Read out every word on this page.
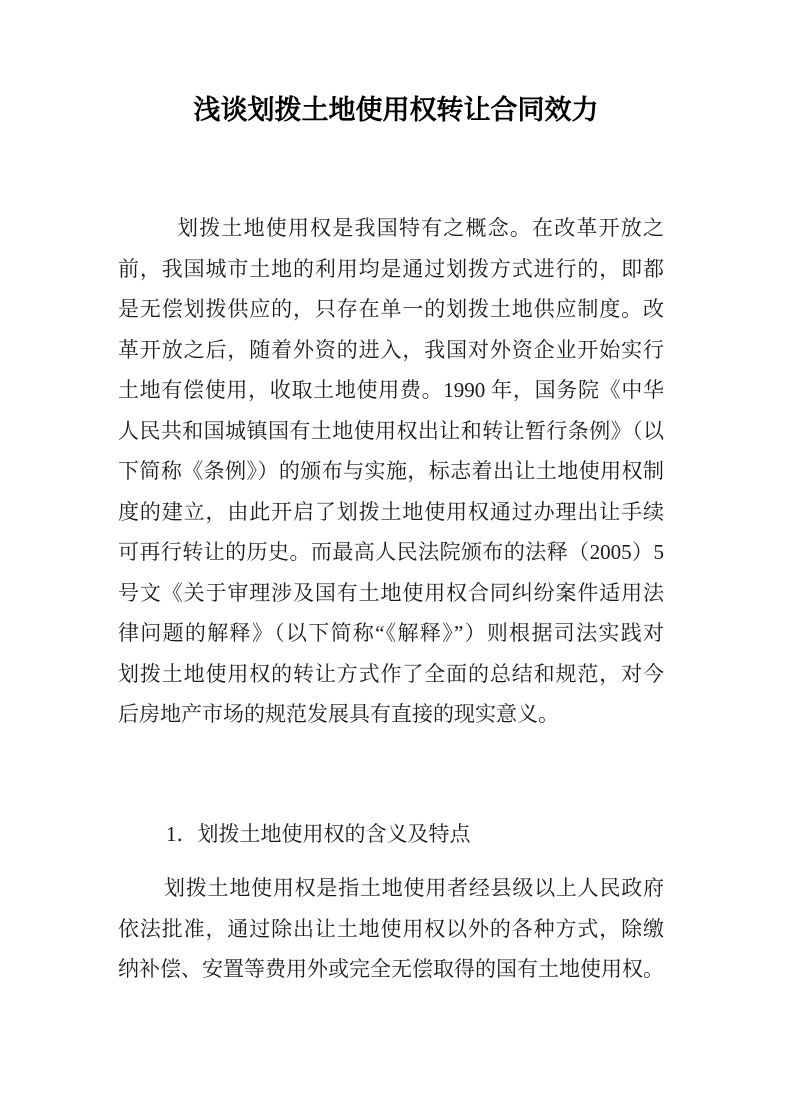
浅谈划拨土地使用权转让合同效力
划拨土地使用权是我国特有之概念。在改革开放之
前，我国城市土地的利用均是通过划拨方式进行的，即都
是无偿划拨供应的，只存在单一的划拨土地供应制度。改
革开放之后，随着外资的进入，我国对外资企业开始实行
土地有偿使用，收取土地使用费。1990 年，国务院《中华
人民共和国城镇国有土地使用权出让和转让暂行条例》（以
下简称《条例》）的颁布与实施，标志着出让土地使用权制
度的建立，由此开启了划拨土地使用权通过办理出让手续
可再行转让的历史。而最高人民法院颁布的法释（2005）5
号文《关于审理涉及国有土地使用权合同纠纷案件适用法
律问题的解释》（以下简称“《解释》”）则根据司法实践对
划拨土地使用权的转让方式作了全面的总结和规范，对今
后房地产市场的规范发展具有直接的现实意义。
1．划拨土地使用权的含义及特点
划拨土地使用权是指土地使用者经县级以上人民政府
依法批准，通过除出让土地使用权以外的各种方式，除缴
纳补偿、安置等费用外或完全无偿取得的国有土地使用权。
